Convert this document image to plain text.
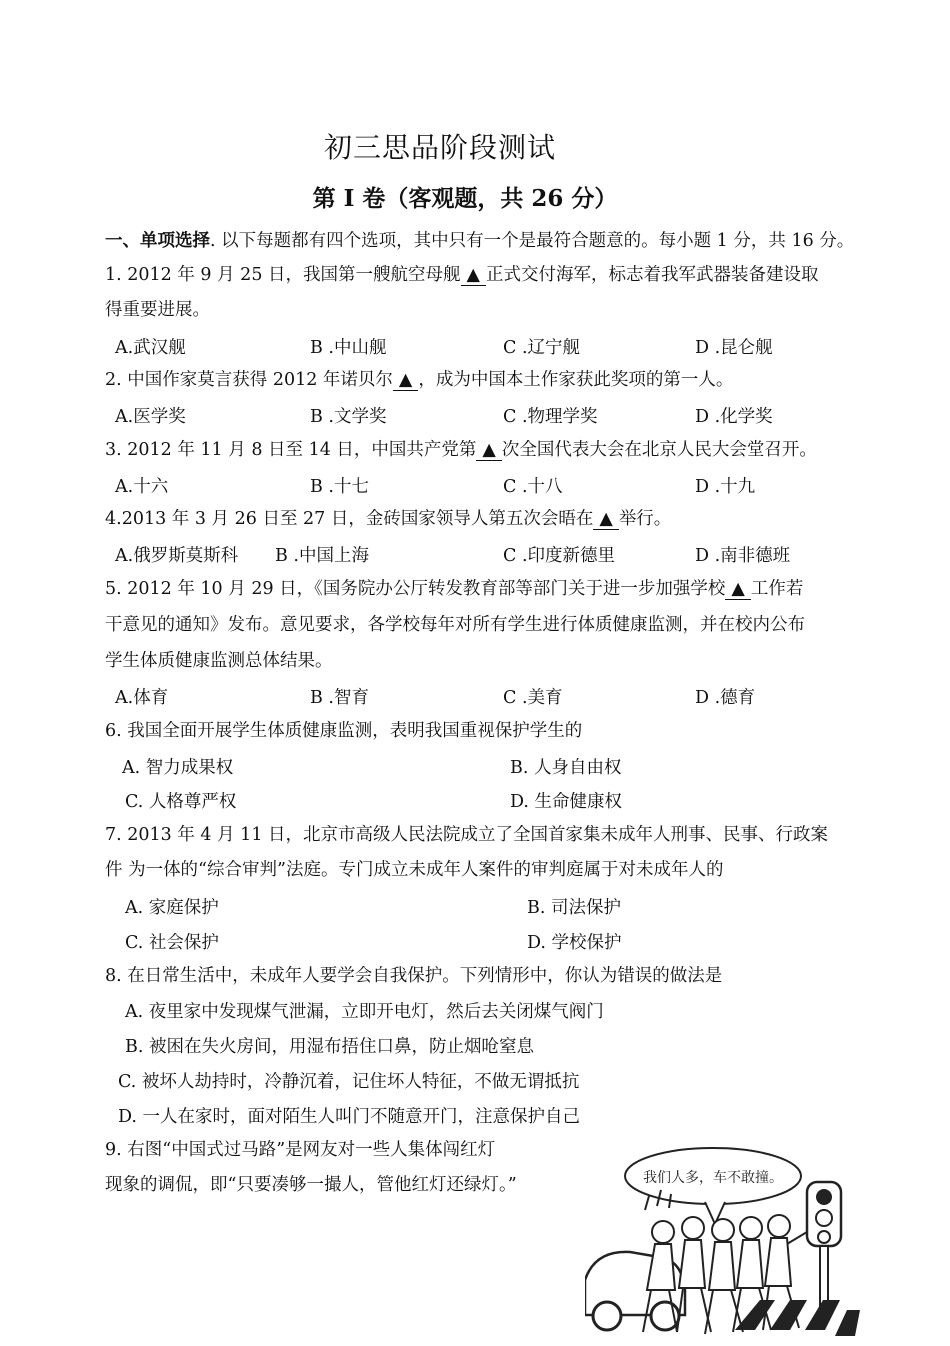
初三思品阶段测试
第 I 卷（客观题，共 26 分）
一、单项选择. 以下每题都有四个选项，其中只有一个是最符合题意的。每小题 1 分，共 16 分。
1. 2012 年 9 月 25 日，我国第一艘航空母舰 ▲ 正式交付海军，标志着我军武器装备建设取
得重要进展。
A.武汉舰	B .中山舰	C .辽宁舰	D .昆仑舰
2. 中国作家莫言获得 2012 年诺贝尔 ▲ ，成为中国本土作家获此奖项的第一人。
A.医学奖	B .文学奖	C .物理学奖	D .化学奖
3. 2012 年 11 月 8 日至 14 日，中国共产党第 ▲ 次全国代表大会在北京人民大会堂召开。
A.十六	B .十七	C .十八	D .十九
4.2013 年 3 月 26 日至 27 日，金砖国家领导人第五次会晤在 ▲ 举行。
A.俄罗斯莫斯科 B .中国上海	C .印度新德里	D .南非德班
5. 2012 年 10 月 29 日，《国务院办公厅转发教育部等部门关于进一步加强学校 ▲ 工作若
干意见的通知》发布。意见要求，各学校每年对所有学生进行体质健康监测，并在校内公布
学生体质健康监测总体结果。
A.体育	B .智育	C .美育	D .德育
6. 我国全面开展学生体质健康监测，表明我国重视保护学生的
A. 智力成果权	B. 人身自由权
C. 人格尊严权	D. 生命健康权
7. 2013 年 4 月 11 日，北京市高级人民法院成立了全国首家集未成年人刑事、民事、行政案
件 为一体的“综合审判”法庭。专门成立未成年人案件的审判庭属于对未成年人的
A. 家庭保护	B. 司法保护
C. 社会保护	D. 学校保护
8. 在日常生活中，未成年人要学会自我保护。下列情形中，你认为错误的做法是
A. 夜里家中发现煤气泄漏，立即开电灯，然后去关闭煤气阀门
B. 被困在失火房间，用湿布捂住口鼻，防止烟呛窒息
C. 被坏人劫持时，冷静沉着，记住坏人特征，不做无谓抵抗
D. 一人在家时，面对陌生人叫门不随意开门，注意保护自己
9. 右图“中国式过马路”是网友对一些人集体闯红灯
现象的调侃，即“只要凑够一撮人，管他红灯还绿灯。”	我们人多，车不敢撞。
